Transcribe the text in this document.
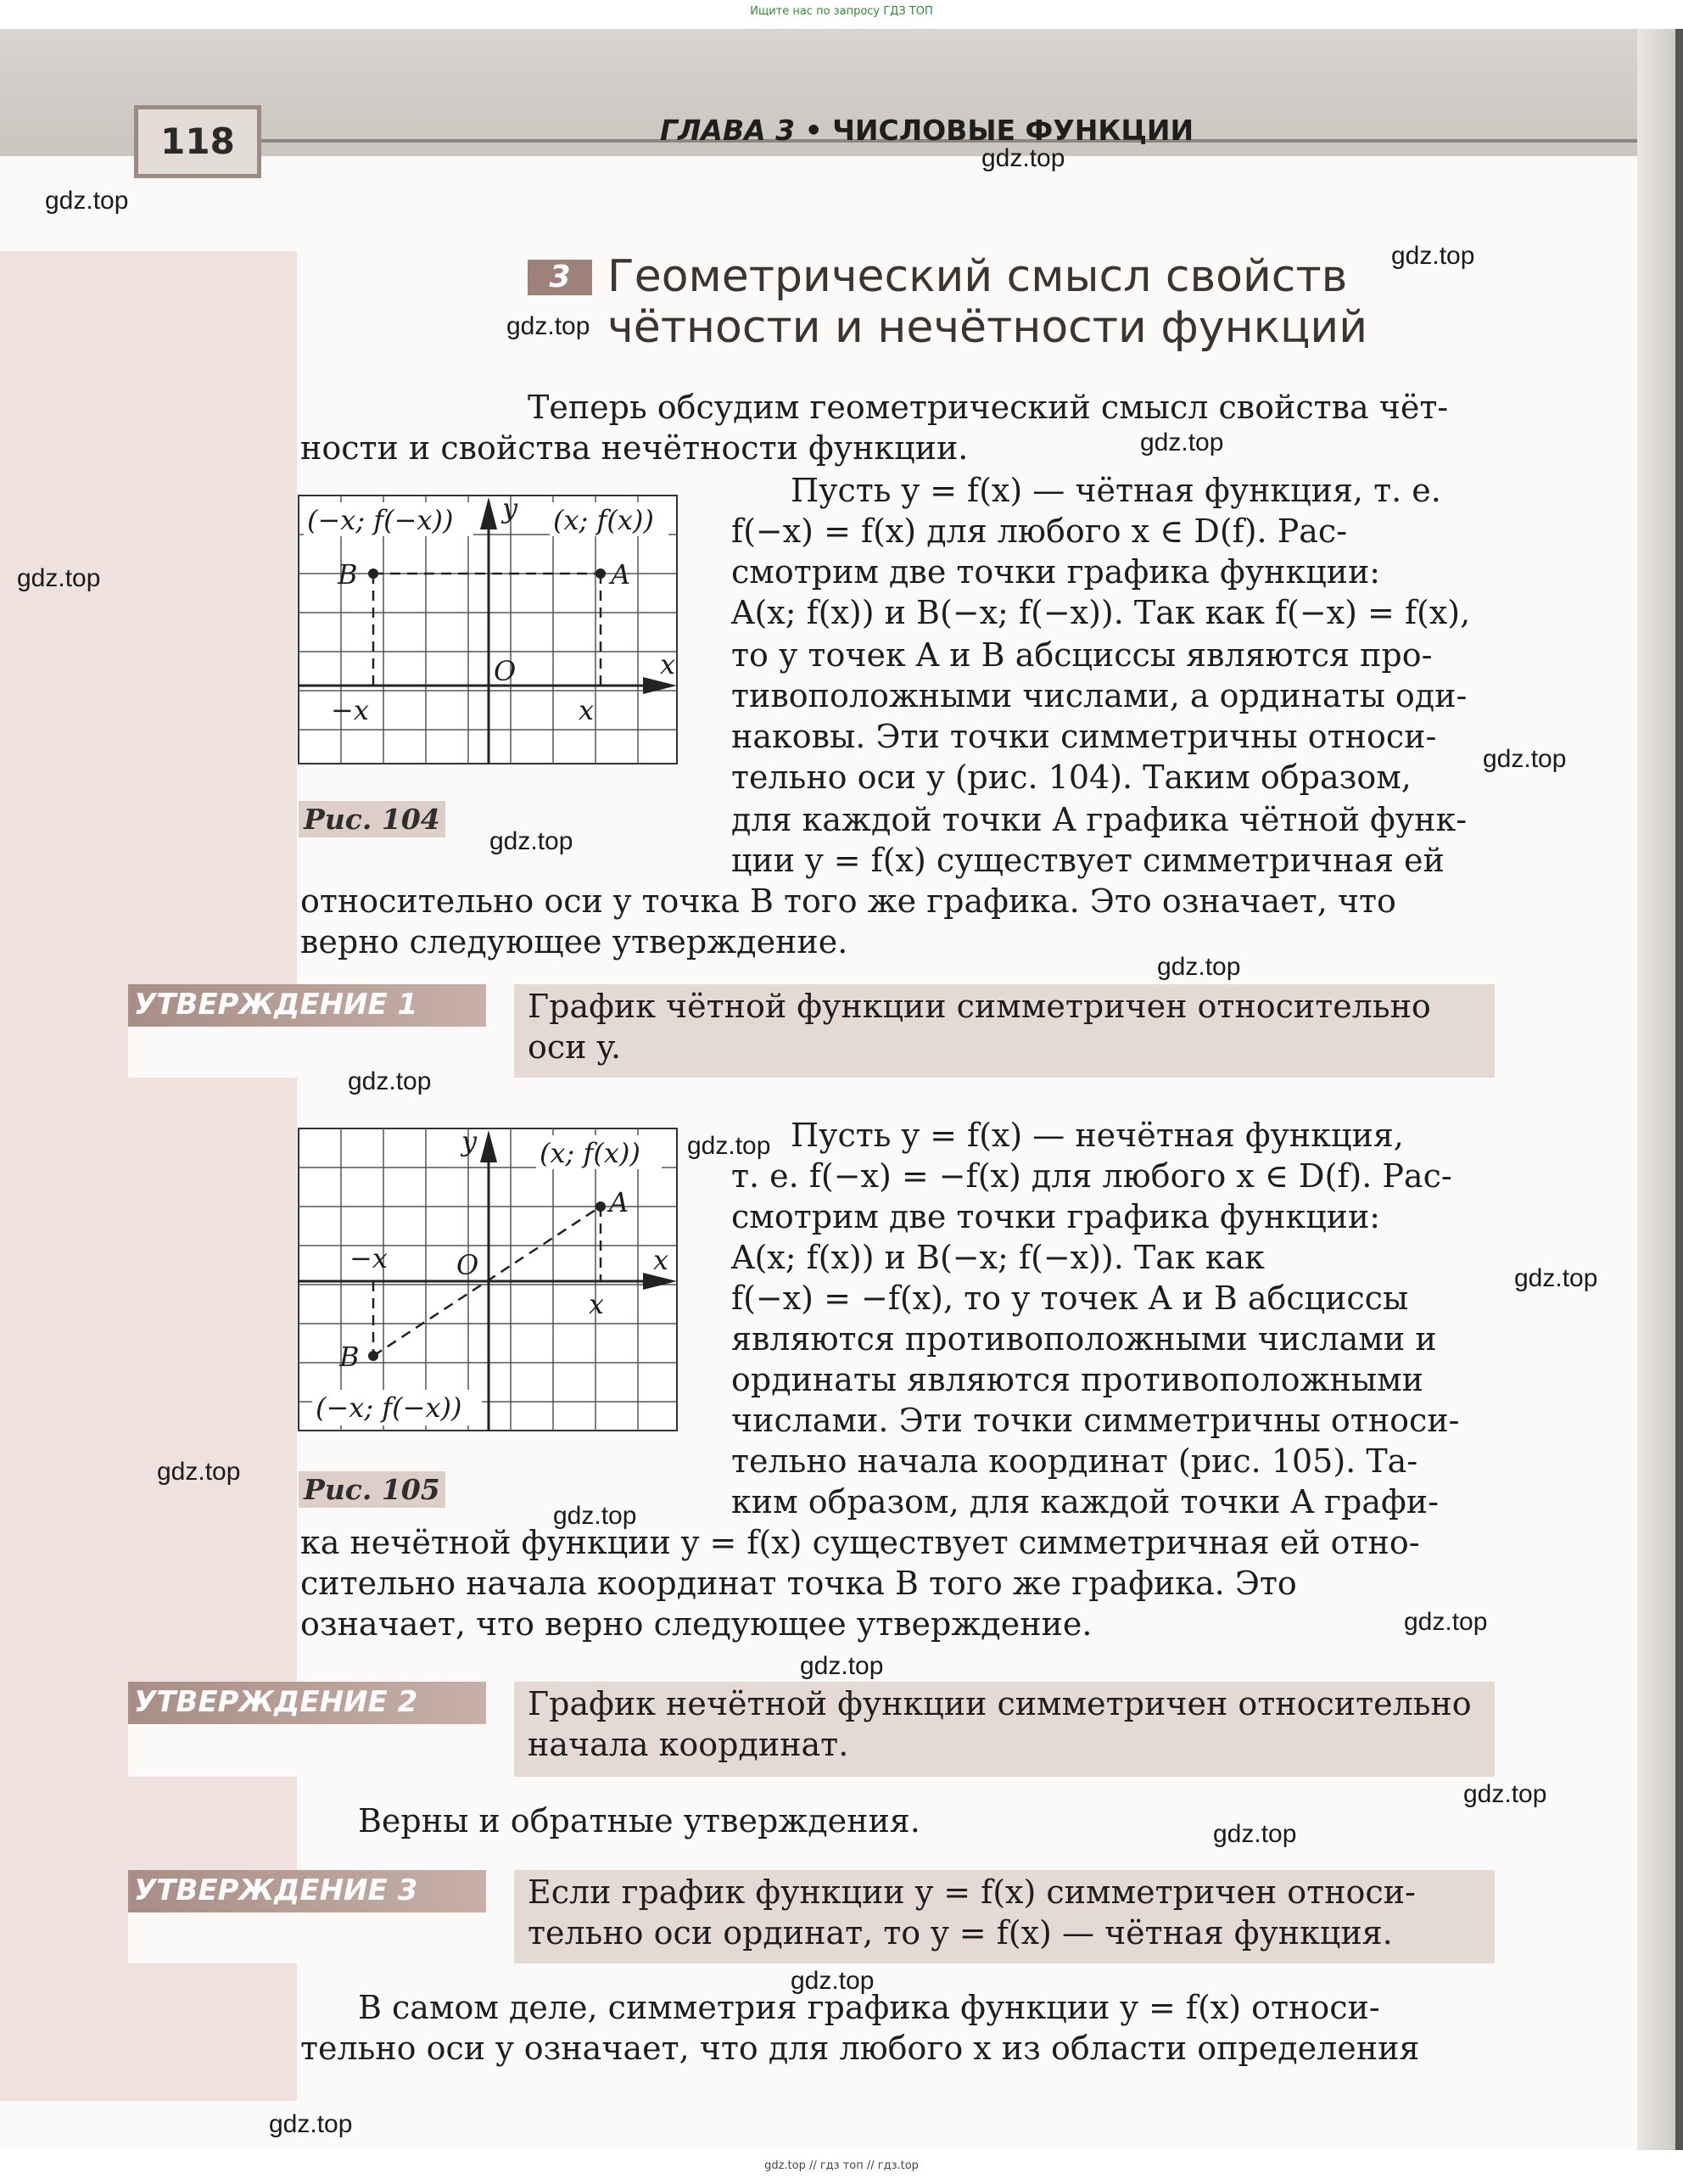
Ищите нас по запросу ГДЗ ТОП
118	ГЛАВА 3 • ЧИСЛОВЫЕ ФУНКЦИИ
3 Геометрический смысл свойств
чётности и нечётности функций
Теперь обсудим геометрический смысл свойства чёт-
ности и свойства нечётности функции.
Пусть y = f(x) — чётная функция, т. е.
f(−x) = f(x) для любого x ∈ D(f). Рас-
смотрим две точки графика функции:
A(x; f(x)) и B(−x; f(−x)). Так как f(−x) = f(x),
то у точек A и B абсциссы являются про-
тивоположными числами, а ординаты оди-
наковы. Эти точки симметричны относи-
тельно оси y (рис. 104). Таким образом,
для каждой точки A графика чётной функ-
ции y = f(x) существует симметричная ей
относительно оси y точка B того же графика. Это означает, что
верно следующее утверждение.
УТВЕРЖДЕНИЕ 1	График чётной функции симметричен относительно
оси y.
Пусть y = f(x) — нечётная функция,
т. е. f(−x) = −f(x) для любого x ∈ D(f). Рас-
смотрим две точки графика функции:
A(x; f(x)) и B(−x; f(−x)). Так как
f(−x) = −f(x), то у точек A и B абсциссы
являются противоположными числами и
ординаты являются противоположными
числами. Эти точки симметричны относи-
тельно начала координат (рис. 105). Та-
ким образом, для каждой точки A графи-
ка нечётной функции y = f(x) существует симметричная ей отно-
сительно начала координат точка B того же графика. Это
означает, что верно следующее утверждение.
УТВЕРЖДЕНИЕ 2	График нечётной функции симметричен относительно
начала координат.
Верны и обратные утверждения.
УТВЕРЖДЕНИЕ 3	Если график функции y = f(x) симметричен относи-
тельно оси ординат, то y = f(x) — чётная функция.
В самом деле, симметрия графика функции y = f(x) относи-
тельно оси y означает, что для любого x из области определения
(−x; f(−x))	(x; f(x))
y
x
O
B	A
−x	x
Рис. 104
(x; f(x))
(−x; f(−x))
y
x
O
A
B
−x
x
Рис. 105
gdz.top
gdz.top
gdz.top
gdz.top
gdz.top
gdz.top
gdz.top
gdz.top
gdz.top
gdz.top
gdz.top
gdz.top
gdz.top
gdz.top
gdz.top
gdz.top
gdz.top
gdz.top
gdz.top
gdz.top
gdz.top // гдз топ // гдз.top
